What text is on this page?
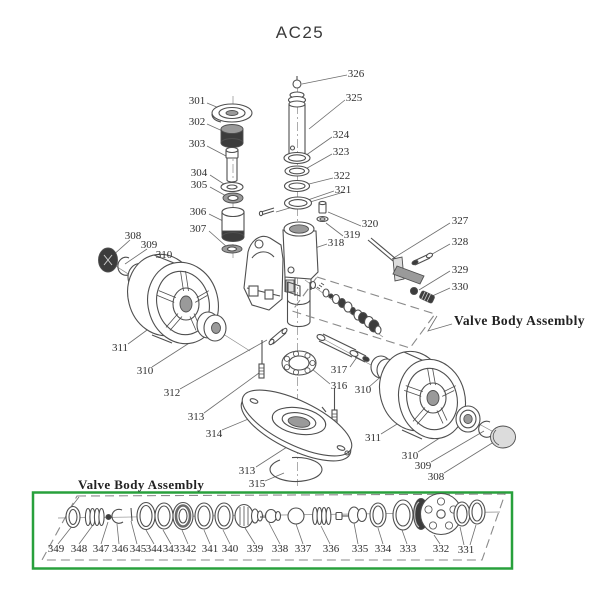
AC25
Valve Body Assembly
Valve Body Assembly
301
302
303
304
305
306
307
308
309
310
311
310
312
313
314
313
315
316
317
310
311
310
309
308
318
319
320
321
322
323
324
325
326
327
328
329
330
349 348 347 346 345 344 343 342 341 340 339 338 337 336 335 334 333 332 331
